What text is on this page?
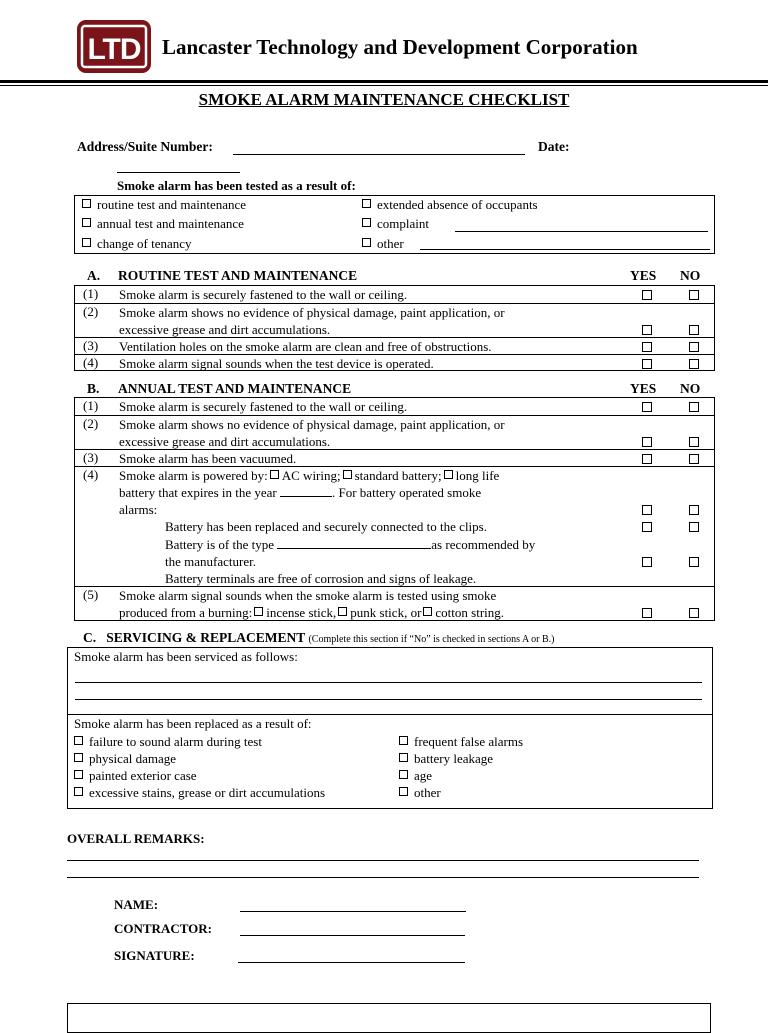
LTD Lancaster Technology and Development Corporation
SMOKE ALARM MAINTENANCE CHECKLIST
Address/Suite Number:	Date:
Smoke alarm has been tested as a result of:
routine test and maintenance
annual test and maintenance
change of tenancy
extended absence of occupants
complaint
other
A. ROUTINE TEST AND MAINTENANCE	YES NO
(1) Smoke alarm is securely fastened to the wall or ceiling.
(2) Smoke alarm shows no evidence of physical damage, paint application, or
excessive grease and dirt accumulations.
(3) Ventilation holes on the smoke alarm are clean and free of obstructions.
(4) Smoke alarm signal sounds when the test device is operated.
B. ANNUAL TEST AND MAINTENANCE	YES NO
(1) Smoke alarm is securely fastened to the wall or ceiling.
(2) Smoke alarm shows no evidence of physical damage, paint application, or
excessive grease and dirt accumulations.
(3) Smoke alarm has been vacuumed.
(4) Smoke alarm is powered by: AC wiring; standard battery; long life
battery that expires in the year	. For battery operated smoke
alarms:
Battery has been replaced and securely connected to the clips.
Battery is of the type	as recommended by
the manufacturer.
Battery terminals are free of corrosion and signs of leakage.
(5) Smoke alarm signal sounds when the smoke alarm is tested using smoke
produced from a burning: incense stick, punk stick, or cotton string.
C. SERVICING & REPLACEMENT (Complete this section if “No” is checked in sections A or B.)
Smoke alarm has been serviced as follows:
Smoke alarm has been replaced as a result of:
failure to sound alarm during test
physical damage
painted exterior case
excessive stains, grease or dirt accumulations
frequent false alarms
battery leakage
age
other
OVERALL REMARKS:
NAME:
CONTRACTOR:
SIGNATURE:
